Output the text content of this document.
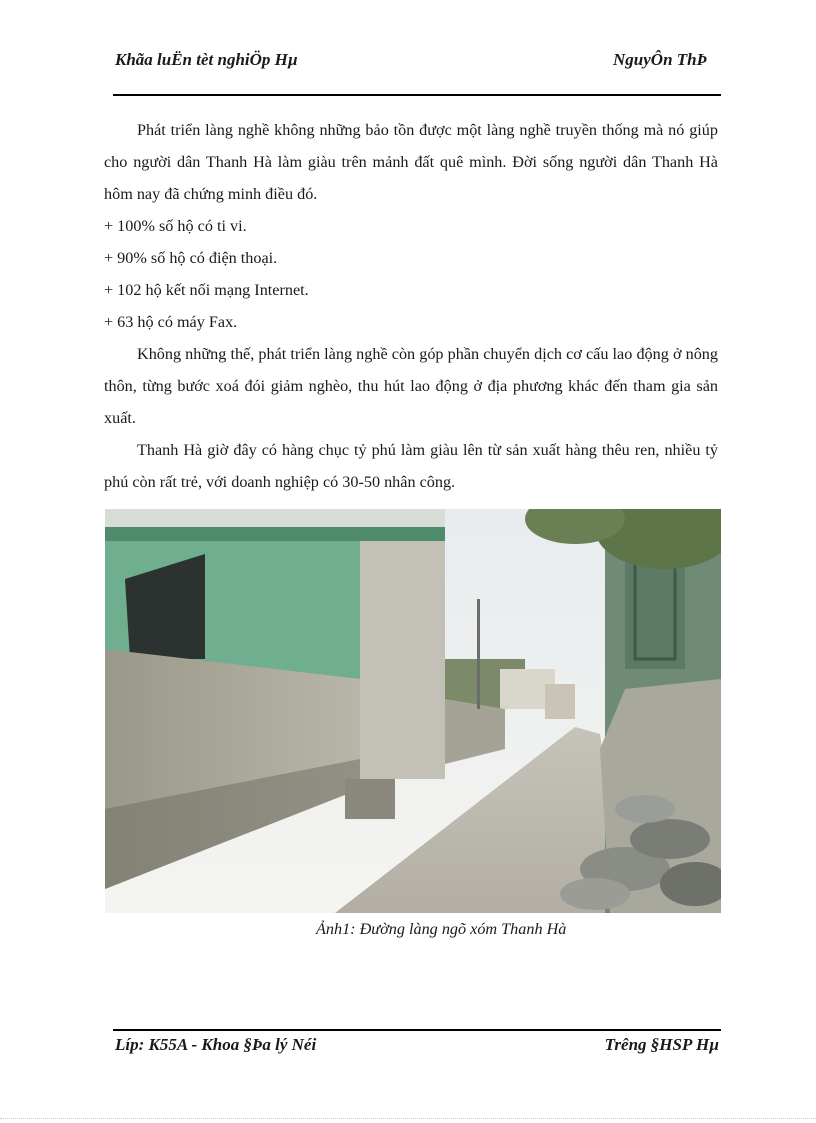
Khãa luËn tèt nghiÖp Hµ	NguyÔn ThÞ

Phát triển làng nghề không những bảo tồn được một làng nghề truyền thống mà nó giúp cho người dân Thanh Hà làm giàu trên mảnh đất quê mình. Đời sống người dân Thanh Hà hôm nay đã chứng minh điều đó.

+ 100% số hộ có ti vi.

+ 90% số hộ có điện thoại.

+ 102 hộ kết nối mạng Internet.

+ 63 hộ có máy Fax.

Không những thế, phát triển làng nghề còn góp phần chuyển dịch cơ cấu lao động ở nông thôn, từng bước xoá đói giảm nghèo, thu hút lao động ở địa phương khác đến tham gia sản xuất.

Thanh Hà giờ đây có hàng chục tỷ phú làm giàu lên từ sản xuất hàng thêu ren, nhiều tỷ phú còn rất trẻ, với doanh nghiệp có 30-50 nhân công.

Ảnh1: Đường làng ngõ xóm Thanh Hà
Líp: K55A - Khoa §Þa lý Néi	Trêng §HSP Hµ
